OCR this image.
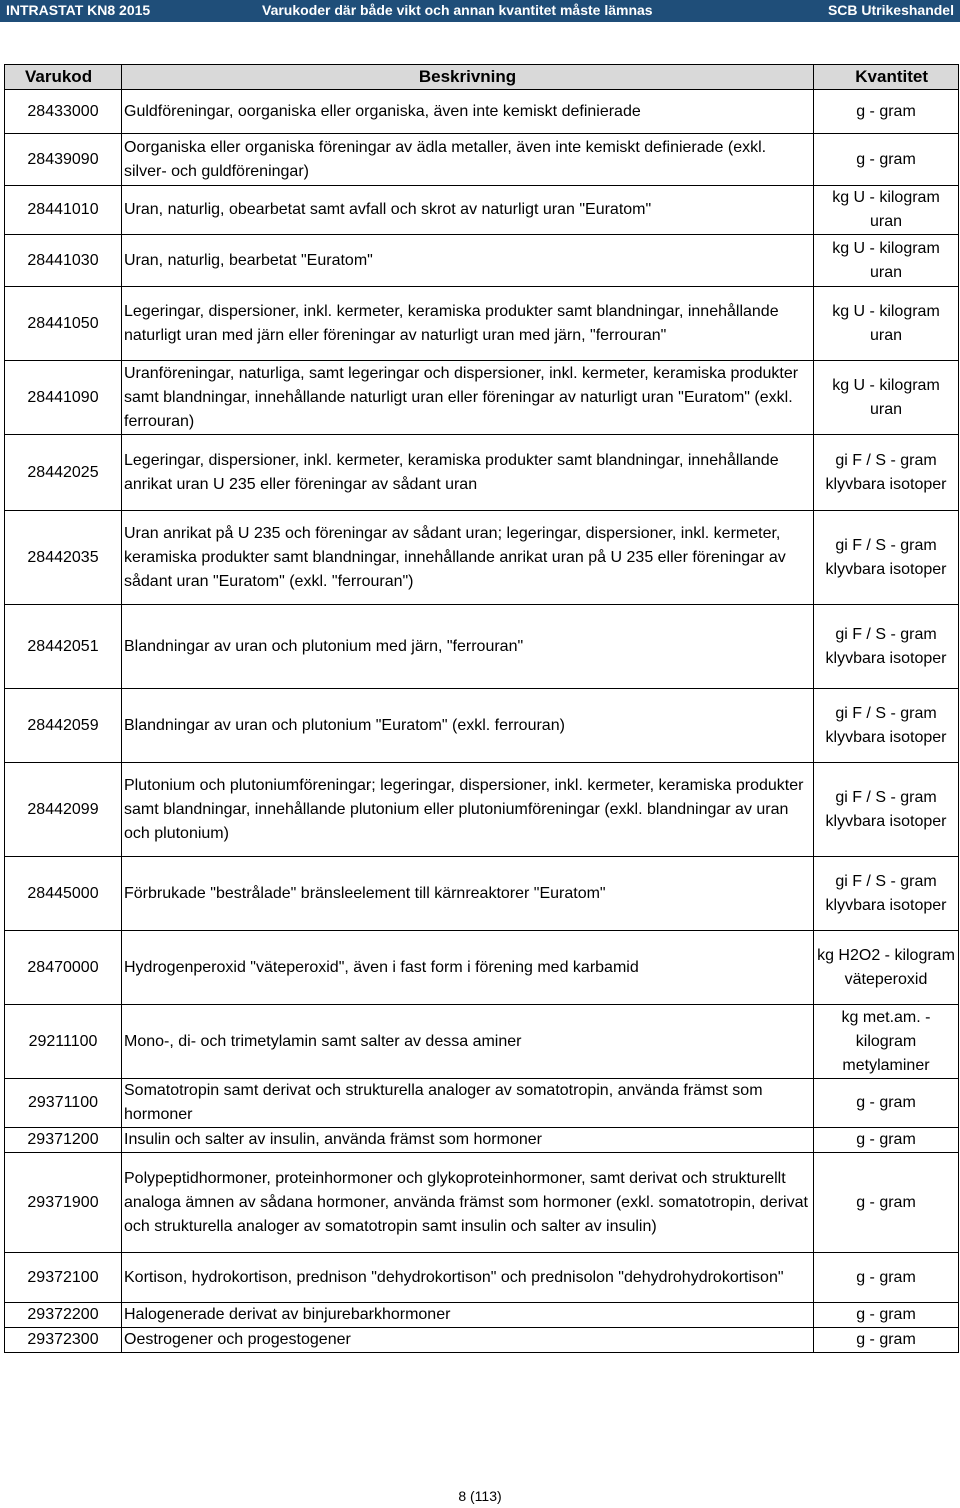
INTRASTAT KN8 2015	Varukoder där både vikt och annan kvantitet måste lämnas	SCB Utrikeshandel
Varukod	Beskrivning	Kvantitet
28433000	Guldföreningar, oorganiska eller organiska, även inte kemiskt definierade	g - gram
28439090	Oorganiska eller organiska föreningar av ädla metaller, även inte kemiskt definierade (exkl. silver- och guldföreningar)	g - gram
28441010	Uran, naturlig, obearbetat samt avfall och skrot av naturligt uran "Euratom"	kg U - kilogram uran
28441030	Uran, naturlig, bearbetat "Euratom"	kg U - kilogram uran
28441050	Legeringar, dispersioner, inkl. kermeter, keramiska produkter samt blandningar, innehållande naturligt uran med järn eller föreningar av naturligt uran med järn, "ferrouran"	kg U - kilogram uran
28441090	Uranföreningar, naturliga, samt legeringar och dispersioner, inkl. kermeter, keramiska produkter samt blandningar, innehållande naturligt uran eller föreningar av naturligt uran "Euratom" (exkl. ferrouran)	kg U - kilogram uran
28442025	Legeringar, dispersioner, inkl. kermeter, keramiska produkter samt blandningar, innehållande anrikat uran U 235 eller föreningar av sådant uran	gi F / S - gram klyvbara isotoper
28442035	Uran anrikat på U 235 och föreningar av sådant uran; legeringar, dispersioner, inkl. kermeter, keramiska produkter samt blandningar, innehållande anrikat uran på U 235 eller föreningar av sådant uran "Euratom" (exkl. "ferrouran")	gi F / S - gram klyvbara isotoper
28442051	Blandningar av uran och plutonium med järn, "ferrouran"	gi F / S - gram klyvbara isotoper
28442059	Blandningar av uran och plutonium "Euratom" (exkl. ferrouran)	gi F / S - gram klyvbara isotoper
28442099	Plutonium och plutoniumföreningar; legeringar, dispersioner, inkl. kermeter, keramiska produkter samt blandningar, innehållande plutonium eller plutoniumföreningar (exkl. blandningar av uran och plutonium)	gi F / S - gram klyvbara isotoper
28445000	Förbrukade "bestrålade" bränsleelement till kärnreaktorer "Euratom"	gi F / S - gram klyvbara isotoper
28470000	Hydrogenperoxid "väteperoxid", även i fast form i förening med karbamid	kg H2O2 - kilogram väteperoxid
29211100	Mono-, di- och trimetylamin samt salter av dessa aminer	kg met.am. - kilogram metylaminer
29371100	Somatotropin samt derivat och strukturella analoger av somatotropin, använda främst som hormoner	g - gram
29371200	Insulin och salter av insulin, använda främst som hormoner	g - gram
29371900	Polypeptidhormoner, proteinhormoner och glykoproteinhormoner, samt derivat och strukturellt analoga ämnen av sådana hormoner, använda främst som hormoner (exkl. somatotropin, derivat och strukturella analoger av somatotropin samt insulin och salter av insulin)	g - gram
29372100	Kortison, hydrokortison, prednison "dehydrokortison" och prednisolon "dehydrohydrokortison"	g - gram
29372200	Halogenerade derivat av binjurebarkhormoner	g - gram
29372300	Oestrogener och progestogener	g - gram
8 (113)
